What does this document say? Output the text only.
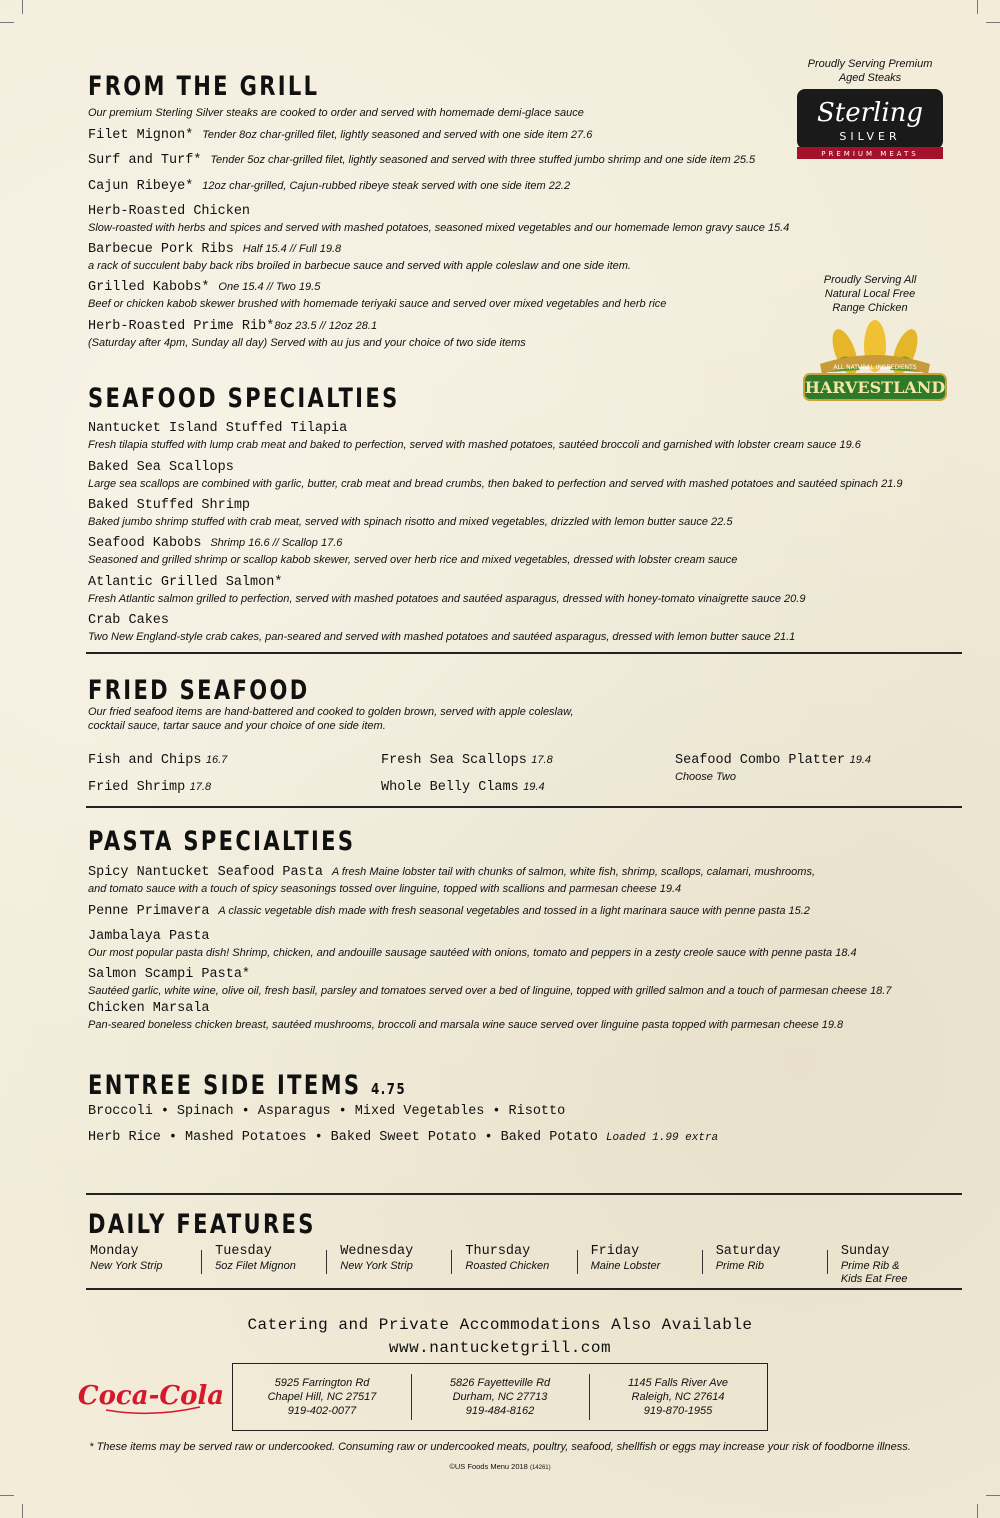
FROM THE GRILL
Our premium Sterling Silver steaks are cooked to order and served with homemade demi-glace sauce
Filet Mignon* Tender 8oz char-grilled filet, lightly seasoned and served with one side item 27.6
Surf and Turf* Tender 5oz char-grilled filet, lightly seasoned and served with three stuffed jumbo shrimp and one side item 25.5
Cajun Ribeye* 12oz char-grilled, Cajun-rubbed ribeye steak served with one side item 22.2
Herb-Roasted Chicken
Slow-roasted with herbs and spices and served with mashed potatoes, seasoned mixed vegetables and our homemade lemon gravy sauce 15.4
Barbecue Pork Ribs Half 15.4 // Full 19.8
a rack of succulent baby back ribs broiled in barbecue sauce and served with apple coleslaw and one side item.
Grilled Kabobs* One 15.4 // Two 19.5
Beef or chicken kabob skewer brushed with homemade teriyaki sauce and served over mixed vegetables and herb rice
Herb-Roasted Prime Rib*8oz 23.5 // 12oz 28.1
(Saturday after 4pm, Sunday all day) Served with au jus and your choice of two side items
Proudly Serving Premium
Aged Steaks
Sterling
SILVER
PREMIUM MEATS
Proudly Serving All
Natural Local Free
Range Chicken
ALL NATURAL INGREDIENTS
HARVESTLAND
SEAFOOD SPECIALTIES
Nantucket Island Stuffed Tilapia
Fresh tilapia stuffed with lump crab meat and baked to perfection, served with mashed potatoes, sautéed broccoli and garnished with lobster cream sauce 19.6
Baked Sea Scallops
Large sea scallops are combined with garlic, butter, crab meat and bread crumbs, then baked to perfection and served with mashed potatoes and sautéed spinach 21.9
Baked Stuffed Shrimp
Baked jumbo shrimp stuffed with crab meat, served with spinach risotto and mixed vegetables, drizzled with lemon butter sauce 22.5
Seafood Kabobs Shrimp 16.6 // Scallop 17.6
Seasoned and grilled shrimp or scallop kabob skewer, served over herb rice and mixed vegetables, dressed with lobster cream sauce
Atlantic Grilled Salmon*
Fresh Atlantic salmon grilled to perfection, served with mashed potatoes and sautéed asparagus, dressed with honey-tomato vinaigrette sauce 20.9
Crab Cakes
Two New England-style crab cakes, pan-seared and served with mashed potatoes and sautéed asparagus, dressed with lemon butter sauce 21.1
FRIED SEAFOOD
Our fried seafood items are hand-battered and cooked to golden brown, served with apple coleslaw,
cocktail sauce, tartar sauce and your choice of one side item.
Fish and Chips 16.7
Fried Shrimp 17.8
Fresh Sea Scallops 17.8
Whole Belly Clams 19.4
Seafood Combo Platter 19.4
Choose Two
PASTA SPECIALTIES
Spicy Nantucket Seafood Pasta A fresh Maine lobster tail with chunks of salmon, white fish, shrimp, scallops, calamari, mushrooms,
and tomato sauce with a touch of spicy seasonings tossed over linguine, topped with scallions and parmesan cheese 19.4
Penne Primavera A classic vegetable dish made with fresh seasonal vegetables and tossed in a light marinara sauce with penne pasta 15.2
Jambalaya Pasta
Our most popular pasta dish! Shrimp, chicken, and andouille sausage sautéed with onions, tomato and peppers in a zesty creole sauce with penne pasta 18.4
Salmon Scampi Pasta*
Sautéed garlic, white wine, olive oil, fresh basil, parsley and tomatoes served over a bed of linguine, topped with grilled salmon and a touch of parmesan cheese 18.7
Chicken Marsala
Pan-seared boneless chicken breast, sautéed mushrooms, broccoli and marsala wine sauce served over linguine pasta topped with parmesan cheese 19.8
ENTREE SIDE ITEMS 4.75
Broccoli • Spinach • Asparagus • Mixed Vegetables • Risotto
Herb Rice • Mashed Potatoes • Baked Sweet Potato • Baked Potato Loaded 1.99 extra
DAILY FEATURES
Monday
New York Strip
Tuesday
5oz Filet Mignon
Wednesday
New York Strip
Thursday
Roasted Chicken
Friday
Maine Lobster
Saturday
Prime Rib
Sunday
Prime Rib &
Kids Eat Free
Catering and Private Accommodations Also Available
www.nantucketgrill.com
Coca-Cola	5925 Farrington Rd
Chapel Hill, NC 27517
919-402-0077
5826 Fayetteville Rd
Durham, NC 27713
919-484-8162
1145 Falls River Ave
Raleigh, NC 27614
919-870-1955
* These items may be served raw or undercooked. Consuming raw or undercooked meats, poultry, seafood, shellfish or eggs may increase your risk of foodborne illness.
©US Foods Menu 2018 (14261)
